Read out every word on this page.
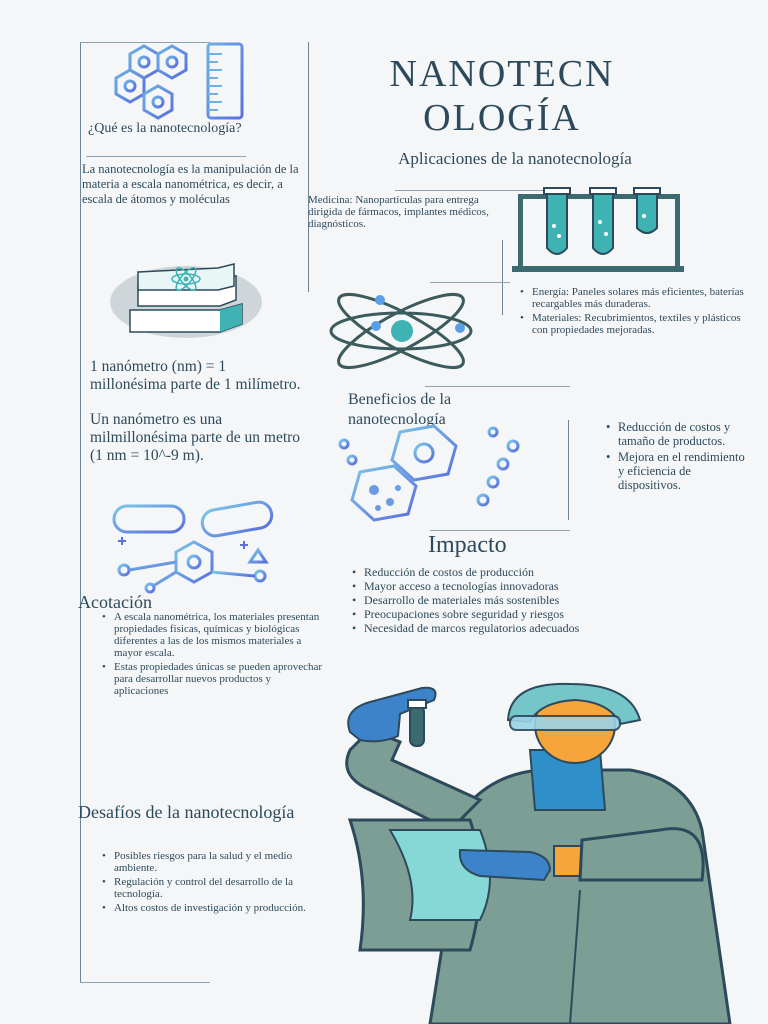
¿Qué es la nanotecnología?
La nanotecnología es la manipulación de la materia a escala nanométrica, es decir, a escala de átomos y moléculas
1 nanómetro (nm) = 1 millonésima parte de 1 milímetro.
Un nanómetro es una milmillonésima parte de un metro (1 nm = 10^-9 m).
Acotación
• A escala nanométrica, los materiales presentan propiedades físicas, químicas y biológicas diferentes a las de los mismos materiales a mayor escala.
• Estas propiedades únicas se pueden aprovechar para desarrollar nuevos productos y aplicaciones
Desafíos de la nanotecnología
• Posibles riesgos para la salud y el medio ambiente.
• Regulación y control del desarrollo de la tecnología.
• Altos costos de investigación y producción.
NANOTECN
OLOGÍA
Aplicaciones de la nanotecnología
Medicina: Nanopartículas para entrega dirigida de fármacos, implantes médicos, diagnósticos.
• Energía: Paneles solares más eficientes, baterías recargables más duraderas.
• Materiales: Recubrimientos, textiles y plásticos con propiedades mejoradas.
Beneficios de la nanotecnología
•	Reducción de costos y tamaño de productos.
• Mejora en el rendimiento y eficiencia de dispositivos.
Impacto
• Reducción de costos de producción
• Mayor acceso a tecnologías innovadoras
• Desarrollo de materiales más sostenibles
• Preocupaciones sobre seguridad y riesgos
• Necesidad de marcos regulatorios adecuados
